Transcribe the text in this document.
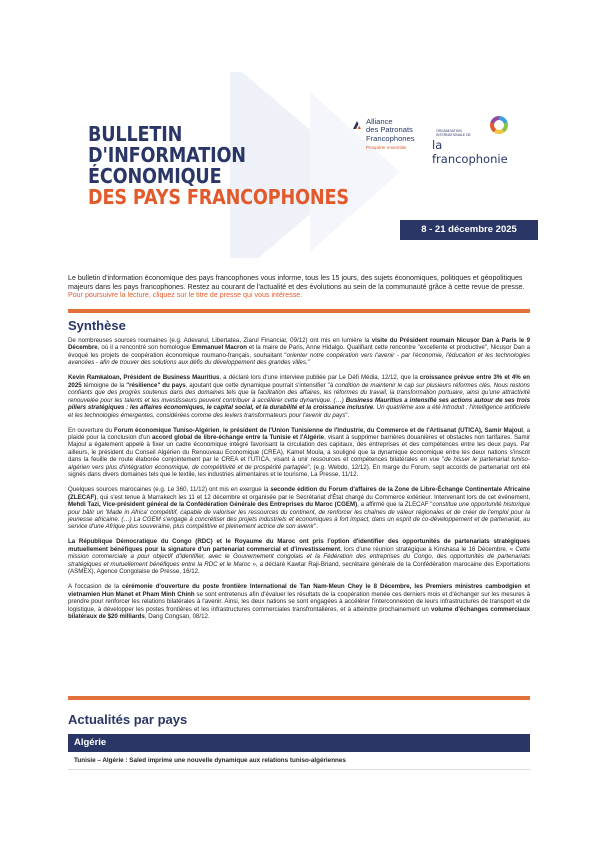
BULLETIN
D'INFORMATION
ÉCONOMIQUE
DES PAYS FRANCOPHONES
Alliance
des Patronats
Francophones
Prospérer ensemble
ORGANISATION INTERNATIONALE DE
la francophonie
8 - 21 décembre 2025
Le bulletin d'information économique des pays francophones vous informe, tous les 15 jours, des sujets économiques, politiques et géopolitiques majeurs dans les pays francophones. Restez au courant de l'actualité et des évolutions au sein de la communauté grâce à cette revue de presse. Pour poursuivre la lecture, cliquez sur le titre de presse qui vous intéresse.
Synthèse

De nombreuses sources roumaines (e.g. Adevarul, Libertatea, Ziarul Financiar, 09/12) ont mis en lumière la visite du Président roumain Nicușor Dan à Paris le 9 Décembre, où il a rencontré son homologue Emmanuel Macron et la maire de Paris, Anne Hidalgo. Qualifiant cette rencontre "excellente et productive", Nicușor Dan a évoqué les projets de coopération économique roumano-français, souhaitant "orienter notre coopération vers l'avenir - par l'économie, l'éducation et les technologies avancées - afin de trouver des solutions aux défis du développement des grandes villes."

Kevin Ramkaloan, Président de Business Mauritius, a déclaré lors d'une interview publiée par Le Défi Média, 12/12, que la croissance prévue entre 3% et 4% en 2025 témoigne de la "résilience" du pays, ajoutant que cette dynamique pourrait s'intensifier "à condition de maintenir le cap sur plusieurs réformes clés. Nous restons confiants que des progrès soutenus dans des domaines tels que la facilitation des affaires, les réformes du travail, la transformation portuaire, ainsi qu'une attractivité renouvelée pour les talents et les investisseurs peuvent contribuer à accélérer cette dynamique. (…) Business Mauritius a intensifié ses actions autour de ses trois piliers stratégiques : les affaires économiques, le capital social, et la durabilité et la croissance inclusive. Un quatrième axe a été introduit : l'intelligence artificielle et les technologies émergentes, considérées comme des leviers transformateurs pour l'avenir du pays".

En ouverture du Forum économique Tuniso-Algérien, le président de l'Union Tunisienne de l'Industrie, du Commerce et de l'Artisanat (UTICA), Samir Majoul, a plaidé pour la conclusion d'un accord global de libre-échange entre la Tunisie et l'Algérie, visant à supprimer barrières douanières et obstacles non tarifaires. Samir Majoul a également appelé à fixer un cadre économique intégré favorisant la circulation des capitaux, des entreprises et des compétences entre les deux pays. Par ailleurs, le président du Conseil Algérien du Renouveau Economique (CREA), Kamel Moula, a souligné que la dynamique économique entre les deux nations s'inscrit dans la feuille de route élaborée conjointement par le CREA et l'UTICA, visant à unir ressources et compétences bilatérales en vue "de hisser le partenariat tuniso-algérien vers plus d'intégration économique, de compétitivité et de prospérité partagée", (e.g. Webdo, 12/12). En marge du Forum, sept accords de partenariat ont été signés dans divers domaines tels que le textile, les industries alimentaires et le tourisme, La Presse, 11/12.

Quelques sources marocaines (e.g. Le 360, 11/12) ont mis en exergue la seconde édition du Forum d'affaires de la Zone de Libre-Échange Continentale Africaine (ZLECAF), qui s'est tenue à Marrakech les 11 et 12 décembre et organisée par le Secrétariat d'État chargé du Commerce extérieur. Intervenant lors de cet événement, Mehdi Tazi, Vice-président général de la Confédération Générale des Entreprises du Maroc (CGEM), a affirmé que la ZLECAF "constitue une opportunité historique pour bâtir un 'Made in Africa' compétitif, capable de valoriser les ressources du continent, de renforcer les chaînes de valeur régionales et de créer de l'emploi pour la jeunesse africaine. (…) La CGEM s'engage à concrétiser des projets industriels et économiques à fort impact, dans un esprit de co-développement et de partenariat, au service d'une Afrique plus souveraine, plus compétitive et pleinement actrice de son avenir".

La République Démocratique du Congo (RDC) et le Royaume du Maroc ont pris l'option d'identifier des opportunités de partenariats stratégiques mutuellement bénéfiques pour la signature d'un partenariat commercial et d'investissement, lors d'une réunion stratégique à Kinshasa le 16 Décembre. « Cette mission commerciale a pour objectif d'identifier, avec le Gouvernement congolais et la Fédération des entreprises du Congo, des opportunités de partenariats stratégiques et mutuellement bénéfiques entre la RDC et le Maroc », a déclaré Kawtar Raji-Briand, secrétaire générale de la Confédération marocaine des Exportations (ASMEX), Agence Congolaise de Presse, 16/12.

A l'occasion de la cérémonie d'ouverture du poste frontière International de Tan Nam-Meun Chey le 8 Décembre, les Premiers ministres cambodgien et vietnamien Hun Manet et Pham Minh Chinh se sont entretenus afin d'évaluer les résultats de la coopération menée ces derniers mois et d'échanger sur les mesures à prendre pour renforcer les relations bilatérales à l'avenir. Ainsi, les deux nations se sont engagées à accélérer l'interconnexion de leurs infrastructures de transport et de logistique, à développer les postes frontières et les infrastructures commerciales transfrontalières, et à atteindre prochainement un volume d'échanges commerciaux bilatéraux de $20 milliards, Dang Congsan, 08/12.

Actualités par pays
Algérie
Tunisie – Algérie : Saïed imprime une nouvelle dynamique aux relations tuniso-algériennes
